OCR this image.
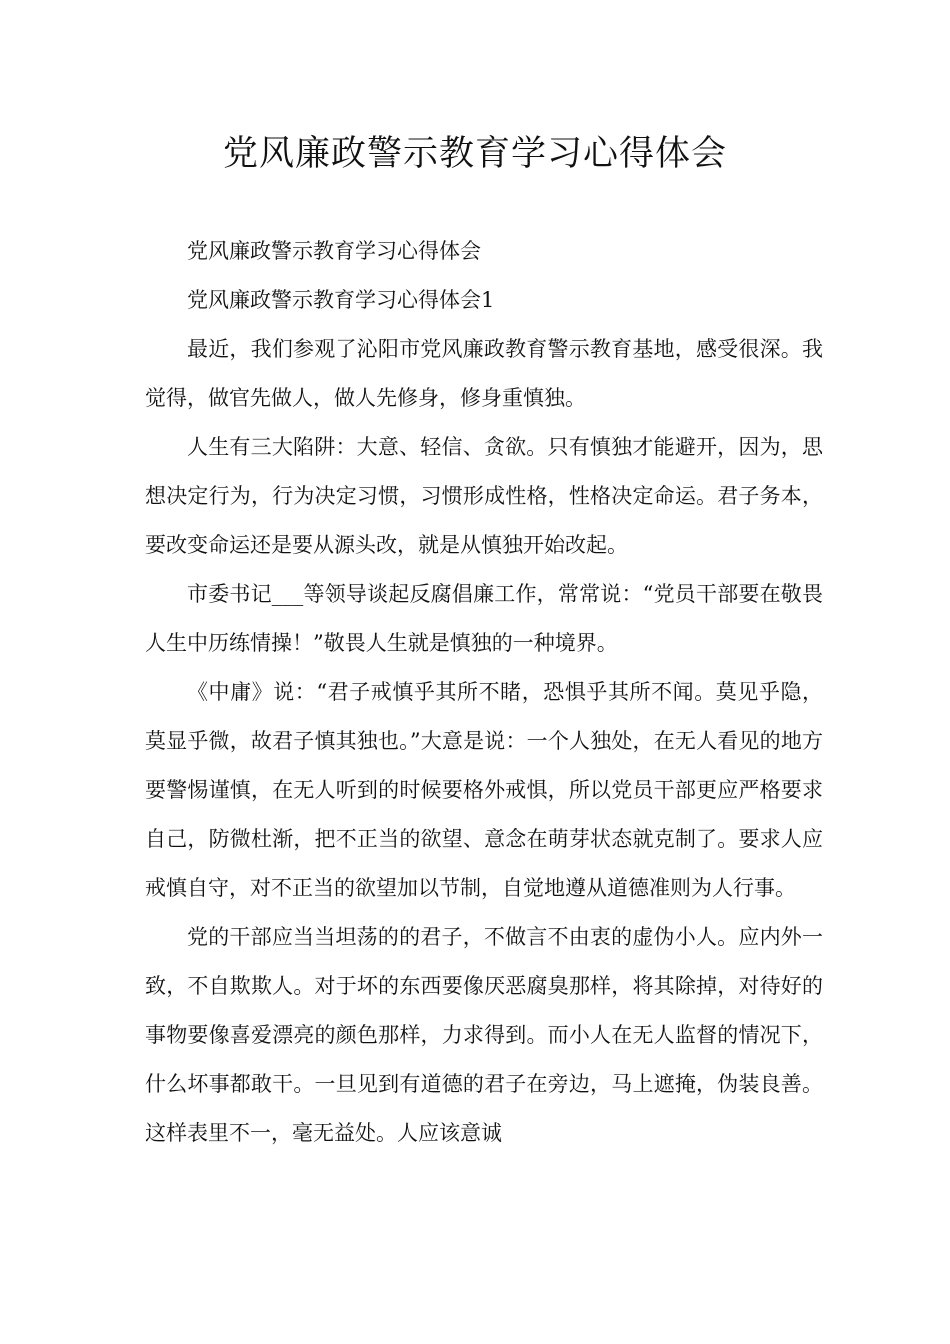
党风廉政警示教育学习心得体会

党风廉政警示教育学习心得体会

党风廉政警示教育学习心得体会1

最近，我们参观了沁阳市党风廉政教育警示教育基地，感受很深。我觉得，做官先做人，做人先修身，修身重慎独。

人生有三大陷阱：大意、轻信、贪欲。只有慎独才能避开，因为，思想决定行为，行为决定习惯，习惯形成性格，性格决定命运。君子务本，要改变命运还是要从源头改，就是从慎独开始改起。

市委书记___等领导谈起反腐倡廉工作，常常说：“党员干部要在敬畏人生中历练情操！”敬畏人生就是慎独的一种境界。

《中庸》说：“君子戒慎乎其所不睹，恐惧乎其所不闻。莫见乎隐，莫显乎微，故君子慎其独也。”大意是说：一个人独处，在无人看见的地方要警惕谨慎，在无人听到的时候要格外戒惧，所以党员干部更应严格要求自己，防微杜渐，把不正当的欲望、意念在萌芽状态就克制了。要求人应戒慎自守，对不正当的欲望加以节制，自觉地遵从道德准则为人行事。

党的干部应当当坦荡的的君子，不做言不由衷的虚伪小人。应内外一致，不自欺欺人。对于坏的东西要像厌恶腐臭那样，将其除掉，对待好的事物要像喜爱漂亮的颜色那样，力求得到。而小人在无人监督的情况下，什么坏事都敢干。一旦见到有道德的君子在旁边，马上遮掩，伪装良善。这样表里不一，毫无益处。人应该意诚
